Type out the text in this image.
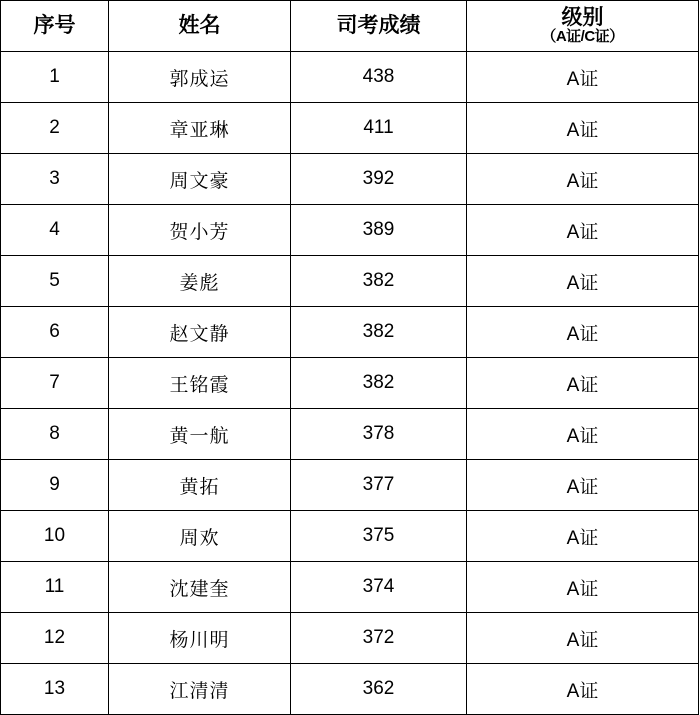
序号	姓名	司考成绩	级别
（A证/C证）

1	郭成运	438	A证
2	章亚琳	411	A证
3	周文豪	392	A证
4	贺小芳	389	A证
5	姜彪	382	A证
6	赵文静	382	A证
7	王铭霞	382	A证
8	黄一航	378	A证
9	黄拓	377	A证
10	周欢	375	A证
11	沈建奎	374	A证
12	杨川明	372	A证
13	江清清	362	A证
